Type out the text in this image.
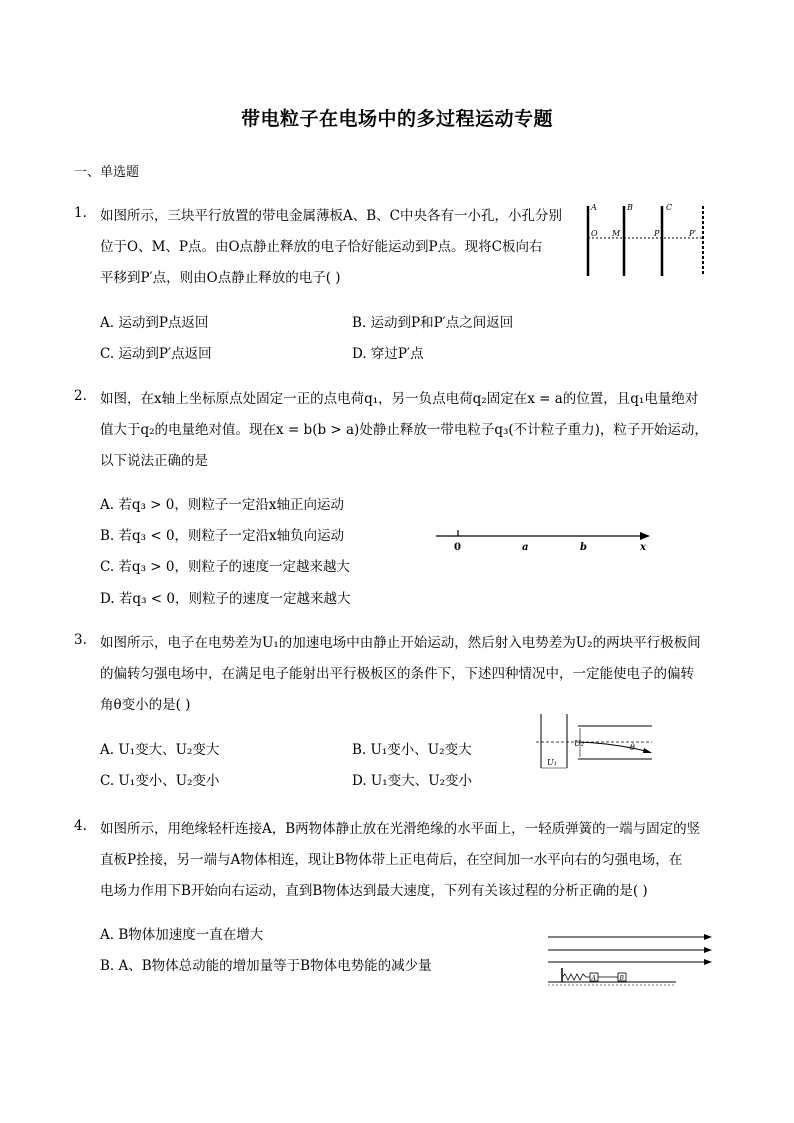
带电粒子在电场中的多过程运动专题
一、单选题
1. 如图所示，三块平行放置的带电金属薄板A、B、C中央各有一小孔，小孔分别
位于O、M、P点。由O点静止释放的电子恰好能运动到P点。现将C板向右
平移到P′点，则由O点静止释放的电子( )
A. 运动到P点返回	B. 运动到P和P′点之间返回
C. 运动到P′点返回	D. 穿过P′点
A	B	C
O M	P	P′
2. 如图，在x轴上坐标原点处固定一正的点电荷q₁，另一负点电荷q₂固定在x = a的位置，且q₁电量绝对
值大于q₂的电量绝对值。现在x = b(b > a)处静止释放一带电粒子q₃(不计粒子重力)，粒子开始运动，
以下说法正确的是
A. 若q₃ > 0，则粒子一定沿x轴正向运动
B. 若q₃ < 0，则粒子一定沿x轴负向运动
C. 若q₃ > 0，则粒子的速度一定越来越大
D. 若q₃ < 0，则粒子的速度一定越来越大
0	a	b	x
3. 如图所示，电子在电势差为U₁的加速电场中由静止开始运动，然后射入电势差为U₂的两块平行极板间
的偏转匀强电场中，在满足电子能射出平行极板区的条件下，下述四种情况中，一定能使电子的偏转
角θ变小的是( )
A. U₁变大、U₂变大	B. U₁变小、U₂变大
C. U₁变小、U₂变小	D. U₁变大、U₂变小
U₂	θ
U₁
4. 如图所示，用绝缘轻杆连接A，B两物体静止放在光滑绝缘的水平面上，一轻质弹簧的一端与固定的竖
直板P拴接，另一端与A物体相连，现让B物体带上正电荷后，在空间加一水平向右的匀强电场，在
电场力作用下B开始向右运动，直到B物体达到最大速度，下列有关该过程的分析正确的是( )
A. B物体加速度一直在增大
B. A、B物体总动能的增加量等于B物体电势能的减少量
A	B
